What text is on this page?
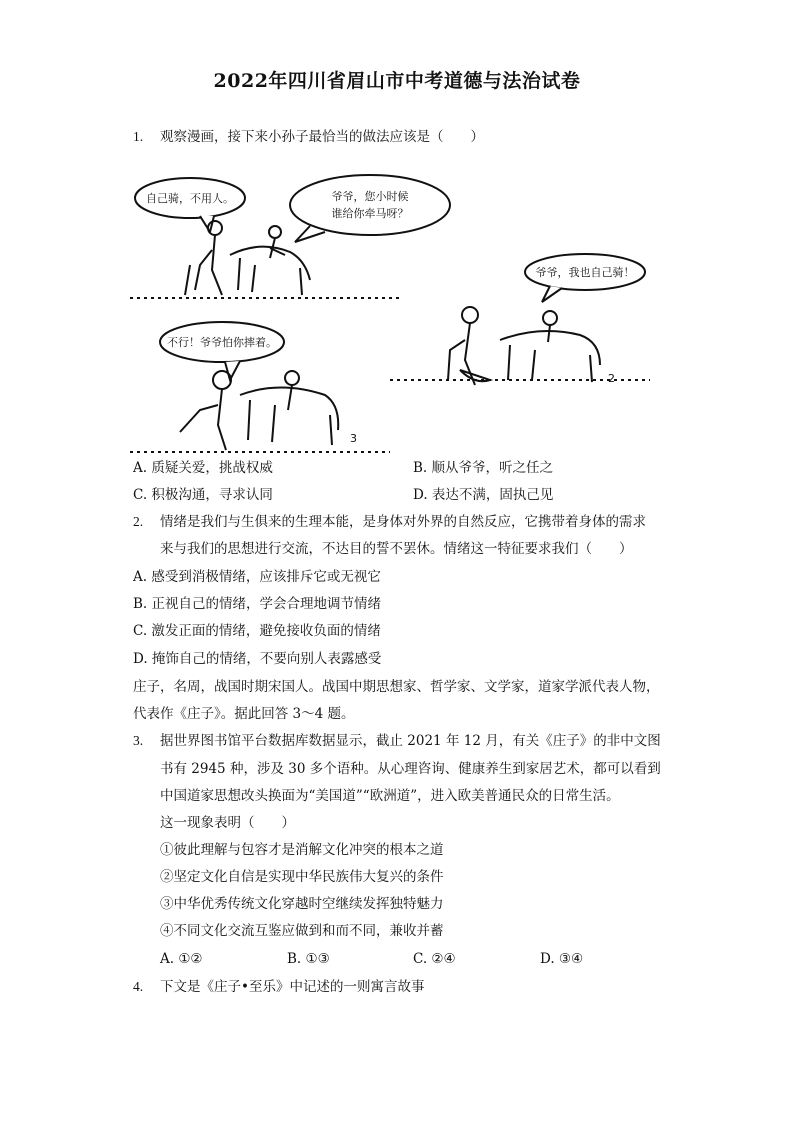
2022年四川省眉山市中考道德与法治试卷
1. 观察漫画，接下来小孙子最恰当的做法应该是（　　）
自己骑，不用人。	爷爷，您小时候
谁给你牵马呀？
爷爷，我也自己骑！
2
不行！爷爷怕你摔着。
3
A. 质疑关爱，挑战权威	B. 顺从爷爷，听之任之
C. 积极沟通，寻求认同	D. 表达不满，固执己见
2. 情绪是我们与生俱来的生理本能，是身体对外界的自然反应，它携带着身体的需求
来与我们的思想进行交流，不达目的誓不罢休。情绪这一特征要求我们（　　）
A. 感受到消极情绪，应该排斥它或无视它
B. 正视自己的情绪，学会合理地调节情绪
C. 激发正面的情绪，避免接收负面的情绪
D. 掩饰自己的情绪，不要向别人表露感受
庄子，名周，战国时期宋国人。战国中期思想家、哲学家、文学家，道家学派代表人物，
代表作《庄子》。据此回答 3～4 题。
3. 据世界图书馆平台数据库数据显示，截止 2021 年 12 月，有关《庄子》的非中文图
书有 2945 种，涉及 30 多个语种。从心理咨询、健康养生到家居艺术，都可以看到
中国道家思想改头换面为“美国道”“欧洲道”，进入欧美普通民众的日常生活。
这一现象表明（　　）
①彼此理解与包容才是消解文化冲突的根本之道
②坚定文化自信是实现中华民族伟大复兴的条件
③中华优秀传统文化穿越时空继续发挥独特魅力
④不同文化交流互鉴应做到和而不同，兼收并蓄
A. ①②	B. ①③	C. ②④	D. ③④
4. 下文是《庄子•至乐》中记述的一则寓言故事
